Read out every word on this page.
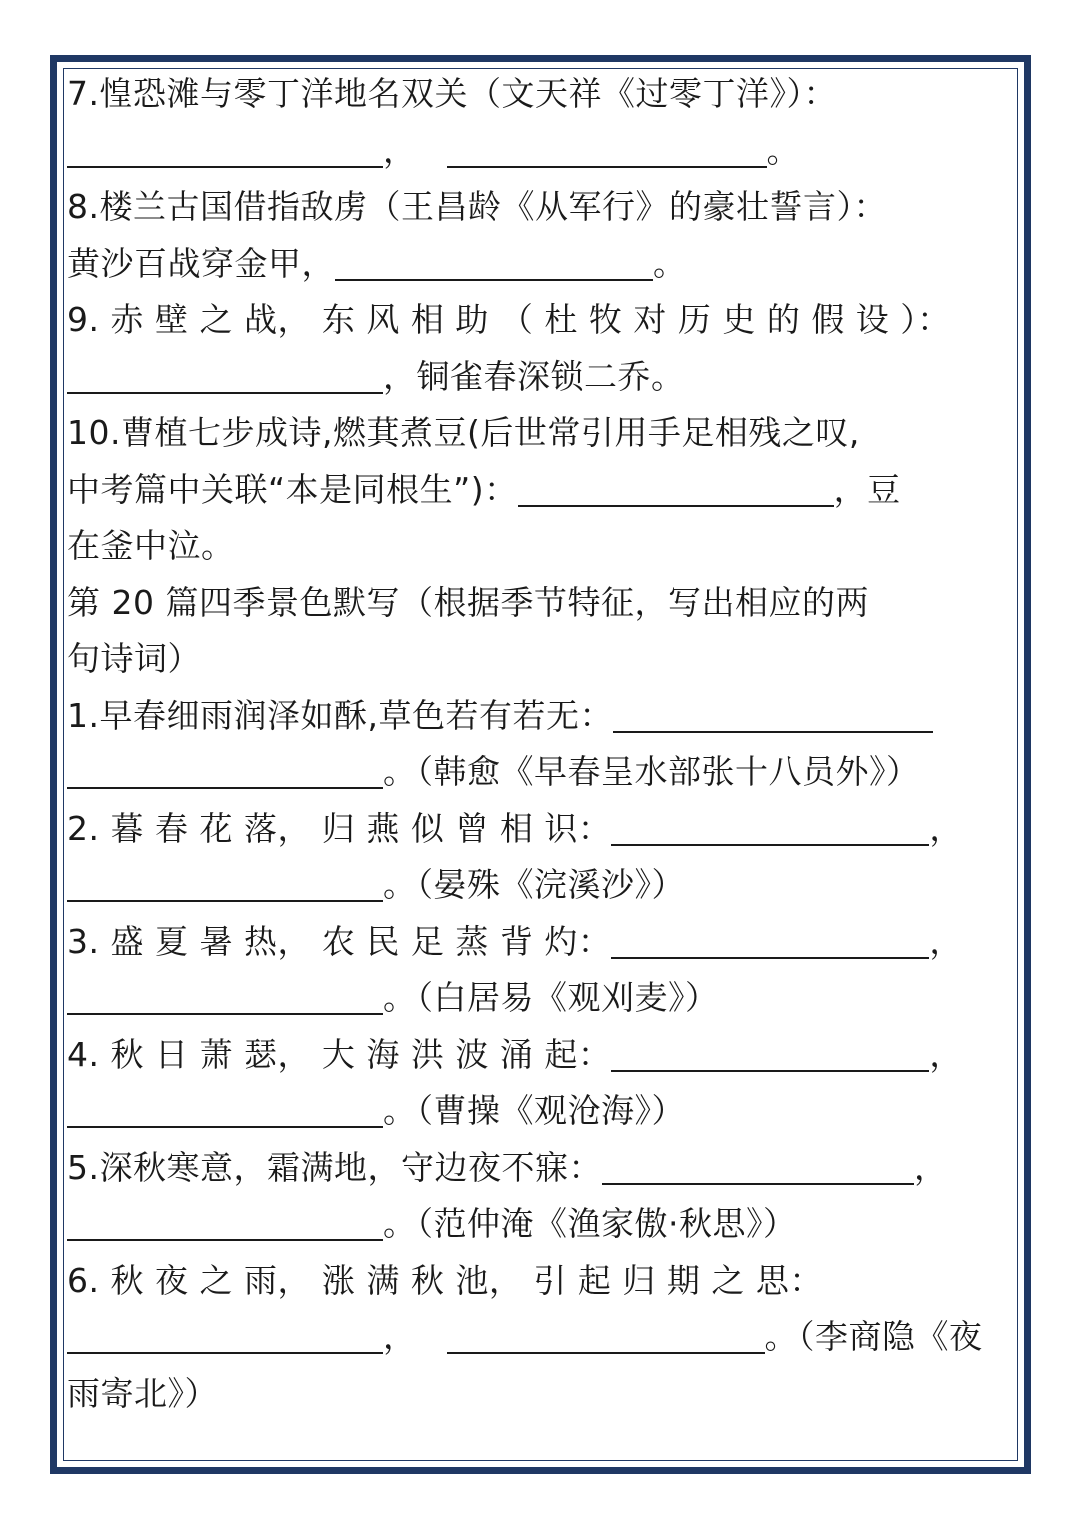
7.惶恐滩与零丁洋地名双关（文天祥《过零丁洋》）：
，	。
8.楼兰古国借指敌虏（王昌龄《从军行》的豪壮誓言）：
黄沙百战穿金甲，	。
9. 赤 壁 之 战， 东 风 相 助 （ 杜 牧 对 历 史 的 假 设 ）：
，铜雀春深锁二乔。
10.曹植七步成诗,燃萁煮豆(后世常引用手足相残之叹,
中考篇中关联“本是同根生”)：	，豆
在釜中泣。
第 20 篇四季景色默写（根据季节特征，写出相应的两
句诗词）
1.早春细雨润泽如酥,草色若有若无：
。（韩愈《早春呈水部张十八员外》）
2. 暮 春 花 落， 归 燕 似 曾 相 识：	，
。（晏殊《浣溪沙》）
3. 盛 夏 暑 热， 农 民 足 蒸 背 灼：	，
。（白居易《观刈麦》）
4. 秋 日 萧 瑟， 大 海 洪 波 涌 起：	，
。（曹操《观沧海》）
5.深秋寒意，霜满地，守边夜不寐：	，
。（范仲淹《渔家傲·秋思》）
6. 秋 夜 之 雨， 涨 满 秋 池， 引 起 归 期 之 思：
，	。（李商隐《夜
雨寄北》）
